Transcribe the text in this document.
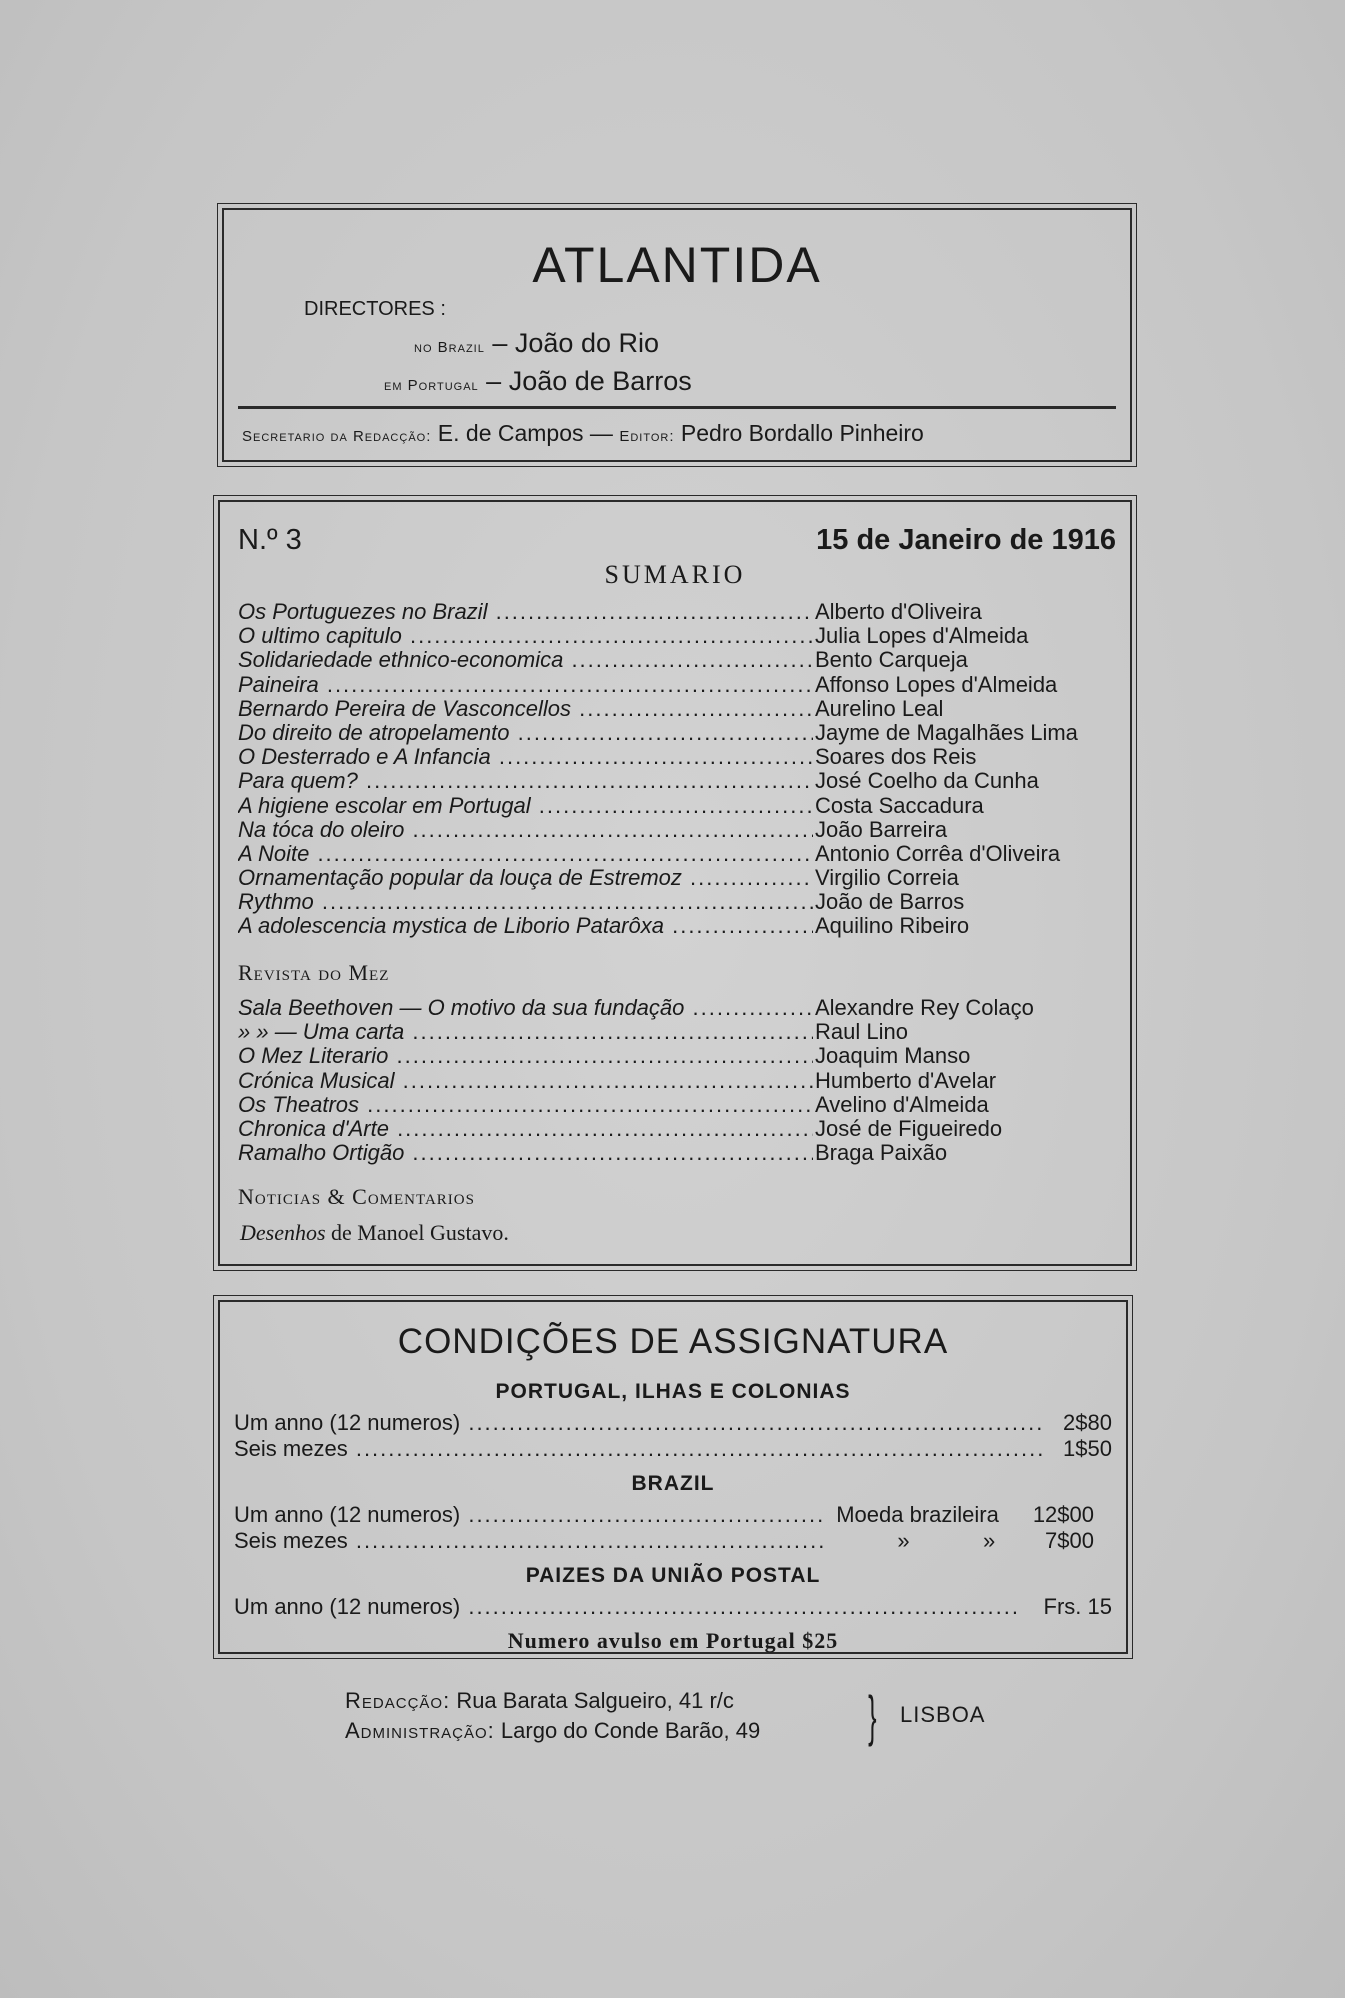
ATLANTIDA
DIRECTORES :
no Brazil – João do Rio
em Portugal – João de Barros
Secretario da Redacção: E. de Campos — Editor: Pedro Bordallo Pinheiro
N.º 3	15 de Janeiro de 1916
SUMARIO
Os Portuguezes no Brazil .....	Alberto d'Oliveira
O ultimo capitulo .....	Julia Lopes d'Almeida
Solidariedade ethnico-economica .....	Bento Carqueja
Paineira .....	Affonso Lopes d'Almeida
Bernardo Pereira de Vasconcellos .....	Aurelino Leal
Do direito de atropelamento .....	Jayme de Magalhães Lima
O Desterrado e A Infancia .....	Soares dos Reis
Para quem? .....	José Coelho da Cunha
A higiene escolar em Portugal .....	Costa Saccadura
Na tóca do oleiro .....	João Barreira
A Noite .....	Antonio Corrêa d'Oliveira
Ornamentação popular da louça de Estremoz .....	Virgilio Correia
Rythmo .....	João de Barros
A adolescencia mystica de Liborio Patarôxa .....	Aquilino Ribeiro
Revista do Mez
Sala Beethoven — O motivo da sua fundação .....	Alexandre Rey Colaço
» » — Uma carta .....	Raul Lino
O Mez Literario .....	Joaquim Manso
Crónica Musical .....	Humberto d'Avelar
Os Theatros .....	Avelino d'Almeida
Chronica d'Arte .....	José de Figueiredo
Ramalho Ortigão .....	Braga Paixão
Noticias & Comentarios
Desenhos de Manoel Gustavo.
CONDIÇÕES DE ASSIGNATURA
PORTUGAL, ILHAS E COLONIAS
Um anno (12 numeros) .....	2$80
Seis mezes .....	1$50
BRAZIL
Um anno (12 numeros) .....	Moeda brazileira	12$00
Seis mezes .....	»	»	7$00
PAIZES DA UNIÃO POSTAL
Um anno (12 numeros) .....	Frs. 15
Numero avulso em Portugal $25
Redacção: Rua Barata Salgueiro, 41 r/c
Administração: Largo do Conde Barão, 49 } LISBOA
